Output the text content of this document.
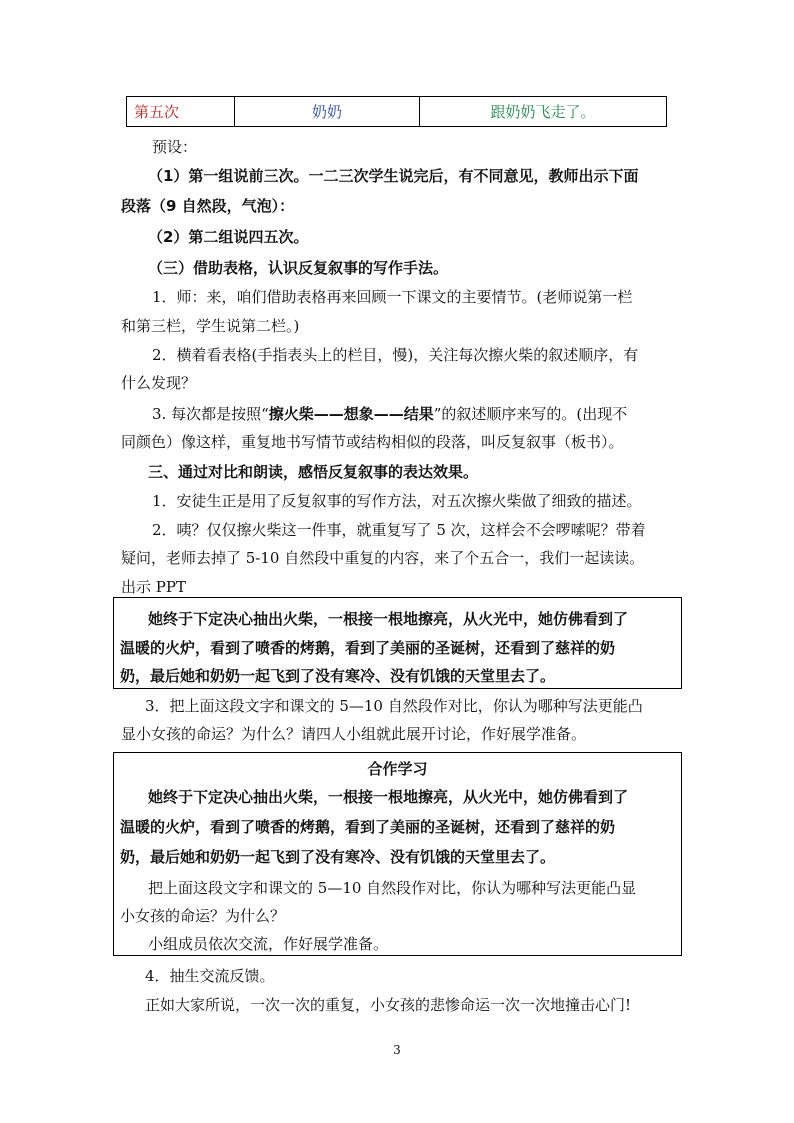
第五次	奶奶	跟奶奶飞走了。
预设：
（1）第一组说前三次。一二三次学生说完后，有不同意见，教师出示下面
段落（9 自然段，气泡）：
（2）第二组说四五次。
（三）借助表格，认识反复叙事的写作手法。
1．师：来，咱们借助表格再来回顾一下课文的主要情节。(老师说第一栏
和第三栏，学生说第二栏。)
2．横着看表格(手指表头上的栏目，慢)，关注每次擦火柴的叙述顺序，有
什么发现？
3. 每次都是按照“擦火柴——想象——结果”的叙述顺序来写的。(出现不
同颜色）像这样，重复地书写情节或结构相似的段落，叫反复叙事（板书）。
三、通过对比和朗读，感悟反复叙事的表达效果。
1．安徒生正是用了反复叙事的写作方法，对五次擦火柴做了细致的描述。
2．咦？仅仅擦火柴这一件事，就重复写了 5 次，这样会不会啰嗦呢？带着
疑问，老师去掉了 5-10 自然段中重复的内容，来了个五合一，我们一起读读。
出示 PPT
她终于下定决心抽出火柴，一根接一根地擦亮，从火光中，她仿佛看到了
温暖的火炉，看到了喷香的烤鹅，看到了美丽的圣诞树，还看到了慈祥的奶
奶，最后她和奶奶一起飞到了没有寒冷、没有饥饿的天堂里去了。
3．把上面这段文字和课文的 5—10 自然段作对比，你认为哪种写法更能凸
显小女孩的命运？为什么？请四人小组就此展开讨论，作好展学准备。
合作学习
她终于下定决心抽出火柴，一根接一根地擦亮，从火光中，她仿佛看到了
温暖的火炉，看到了喷香的烤鹅，看到了美丽的圣诞树，还看到了慈祥的奶
奶，最后她和奶奶一起飞到了没有寒冷、没有饥饿的天堂里去了。
把上面这段文字和课文的 5—10 自然段作对比，你认为哪种写法更能凸显
小女孩的命运？为什么？
小组成员依次交流，作好展学准备。
4．抽生交流反馈。
正如大家所说，一次一次的重复，小女孩的悲惨命运一次一次地撞击心门!
3
